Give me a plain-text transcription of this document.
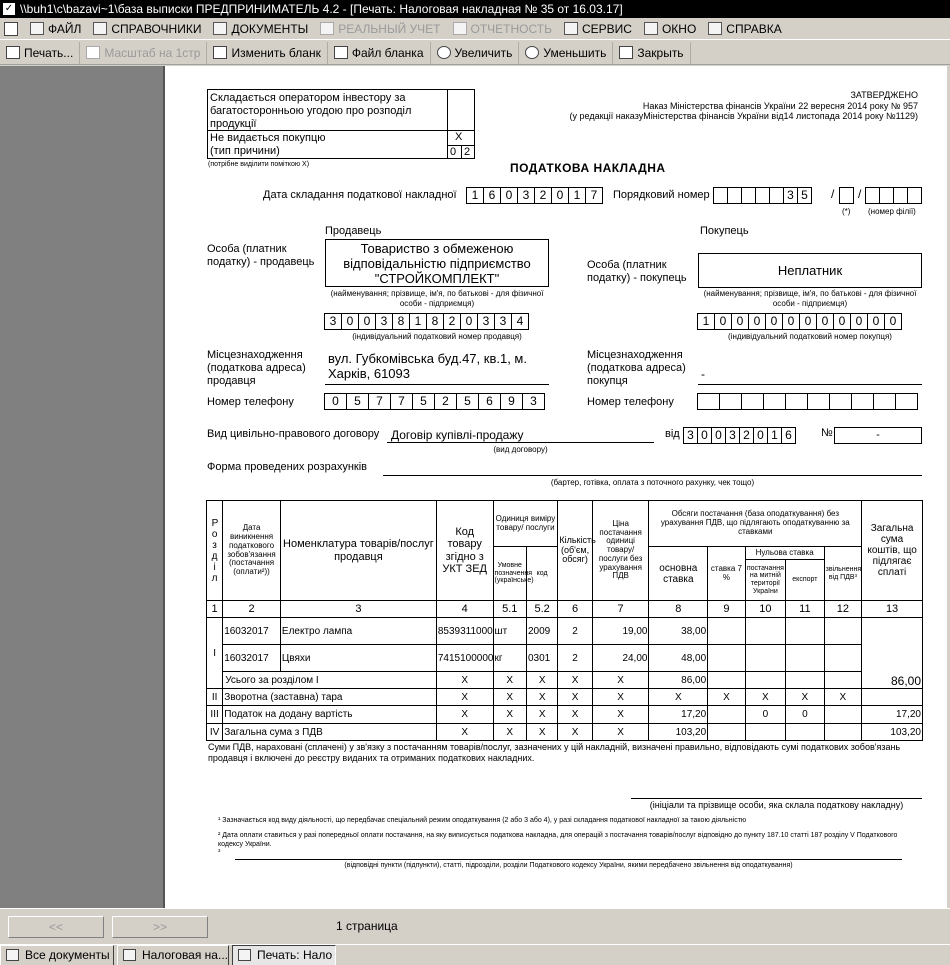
✓ \\buh1\c\bazavi~1\база выписки ПРЕДПРИНИМАТЕЛЬ 4.2 - [Печать: Налоговая накладная № 35 от 16.03.17]
ФАЙЛ	СПРАВОЧНИКИ	ДОКУМЕНТЫ	РЕАЛЬНЫЙ УЧЕТ	ОТЧЕТНОСТЬ	СЕРВИС	ОКНО	СПРАВКА
Печать...	Масштаб на 1стр	Изменить бланк	Файл бланка	Увеличить	Уменьшить	Закрыть
Складається оператором інвестору за багатосторонньою угодою про розподіл продукції
Не видається покупцю
(тип причини)
X
0 2
(потрібне виділити поміткою Х)
ЗАТВЕРДЖЕНО
Наказ Міністерства фінансів України 22 вересня 2014 року № 957
(у редакції наказуМіністерства фінансів України від14 листопада 2014 року №1129)
ПОДАТКОВА НАКЛАДНА
Дата складання податкової накладної	1 6 0 3 2 0 1 7	Порядковий номер	3 5	/ /
(*) (номер філії)
Продавець	Покупець
Особа (платник податку) - продавець
Товариство з обмеженою відповідальністю підприємство "СТРОЙКОМПЛЕКТ"
(найменування; прізвище, ім'я, по батькові - для фізичної особи - підприємця)
Особа (платник податку) - покупець	Неплатник
(найменування; прізвище, ім'я, по батькові - для фізичної особи - підприємця)
3 0 0 3 8 1 8 2 0 3 3 4
(індивідуальний податковий номер продавця)
1 0 0 0 0 0 0 0 0 0 0 0
(індивідуальний податковий номер покупця)
Місцезнаходження (податкова адреса) продавця
вул. Губкомівська буд.47, кв.1, м. Харків, 61093
Місцезнаходження (податкова адреса) покупця	-
Номер телефону	0	5	7	7	5	2	5	6	9	3	Номер телефону
Вид цивільно-правового договору Договір купівлі-продажу
(вид договору)
від 3 0 0 3 2 0 1 6	№	-
Форма проведених розрахунків
(бартер, готівка, оплата з поточного рахунку, чек тощо)
Розділ	Дата виникнення податкового зобов'язання (постачання (оплати²))	Номенклатура товарів/послуг продавця	Код товару згідно з УКТ ЗЕД	Одиниця виміру товару/ послуги		Кількість (об'єм, обсяг)	Ціна постачання одиниці товару/ послуги без урахування ПДВ	Обсяги постачання (база оподаткування) без урахування ПДВ, що підлягають оподаткуванню за ставками					Загальна сума коштів, що підлягає сплаті
				Умовне позначення (українське)	код			основна ставка	ставка 7 %	Нульова ставка		звільнення від ПДВ³	
										постачання на митній території України	експорт		
1	2	3	4	5.1	5.2	6	7	8	9	10	11	12	13
I	16032017	Електро лампа	8539311000	шт	2009	2	19,00	38,00					86,00
	16032017	Цвяхи	7415100000	кг	0301	2	24,00	48,00					
	Усього за розділом I		X	X	X	X	X	86,00					
II	Зворотна (заставна) тара		X	X	X	X	X	X	X	X	X	X	
III	Податок на додану вартість		X	X	X	X	X	17,20		0	0		17,20
IV	Загальна сума з ПДВ		X	X	X	X	X	103,20					103,20
Суми ПДВ, нараховані (сплачені) у зв'язку з постачанням товарів/послуг, зазначених у цій накладній, визначені правильно, відповідають сумі податкових зобов'язань продавця і включені до реєстру виданих та отриманих податкових накладних.
(ініціали та прізвище особи, яка склала податкову накладну)
¹ Зазначається код виду діяльності, що передбачає спеціальний режим оподаткування (2 або 3 або 4), у разі складання податкової накладної за такою діяльністю
² Дата оплати ставиться у разі попередньої оплати постачання, на яку виписується податкова накладна, для операцій з постачання товарів/послуг відповідно до пункту 187.10 статті 187 розділу V Податкового кодексу України.
³
(відповідні пункти (підпункти), статті, підрозділи, розділи Податкового кодексу України, якими передбачено звільнення від оподаткування)
<<	>>	1 страница
Все документы	Налоговая на...	Печать: Нало
